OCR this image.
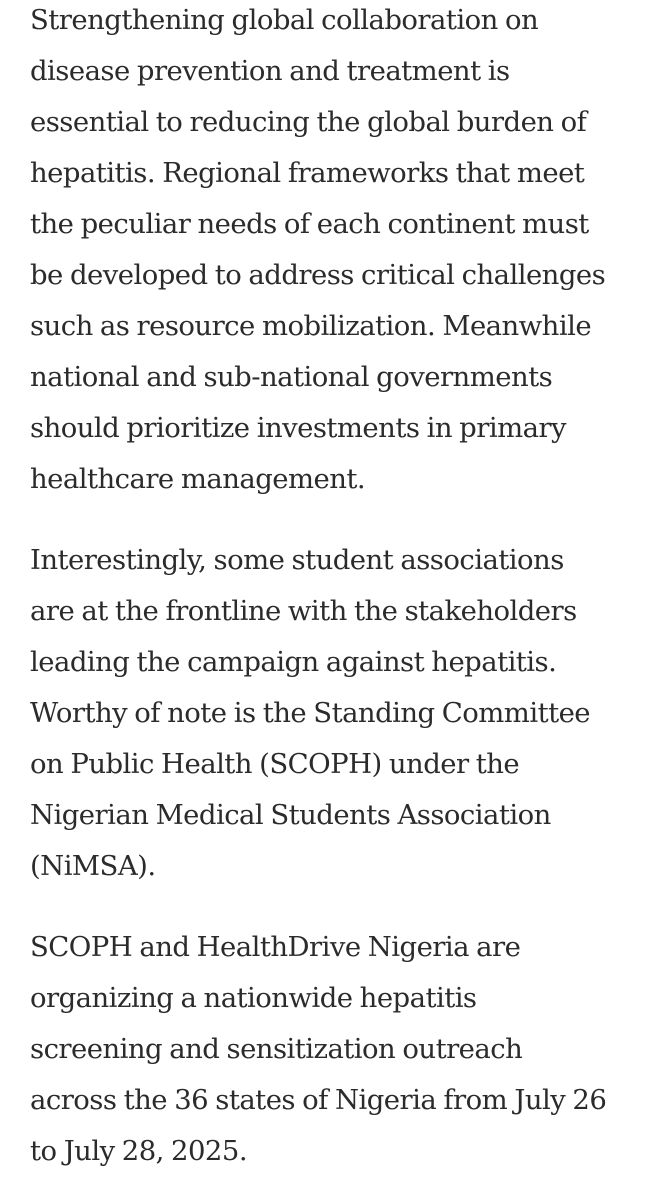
Strengthening global collaboration on
disease prevention and treatment is
essential to reducing the global burden of
hepatitis. Regional frameworks that meet
the peculiar needs of each continent must
be developed to address critical challenges
such as resource mobilization. Meanwhile
national and sub-national governments
should prioritize investments in primary
healthcare management.
Interestingly, some student associations
are at the frontline with the stakeholders
leading the campaign against hepatitis.
Worthy of note is the Standing Committee
on Public Health (SCOPH) under the
Nigerian Medical Students Association
(NiMSA).
SCOPH and HealthDrive Nigeria are
organizing a nationwide hepatitis
screening and sensitization outreach
across the 36 states of Nigeria from July 26
to July 28, 2025.
